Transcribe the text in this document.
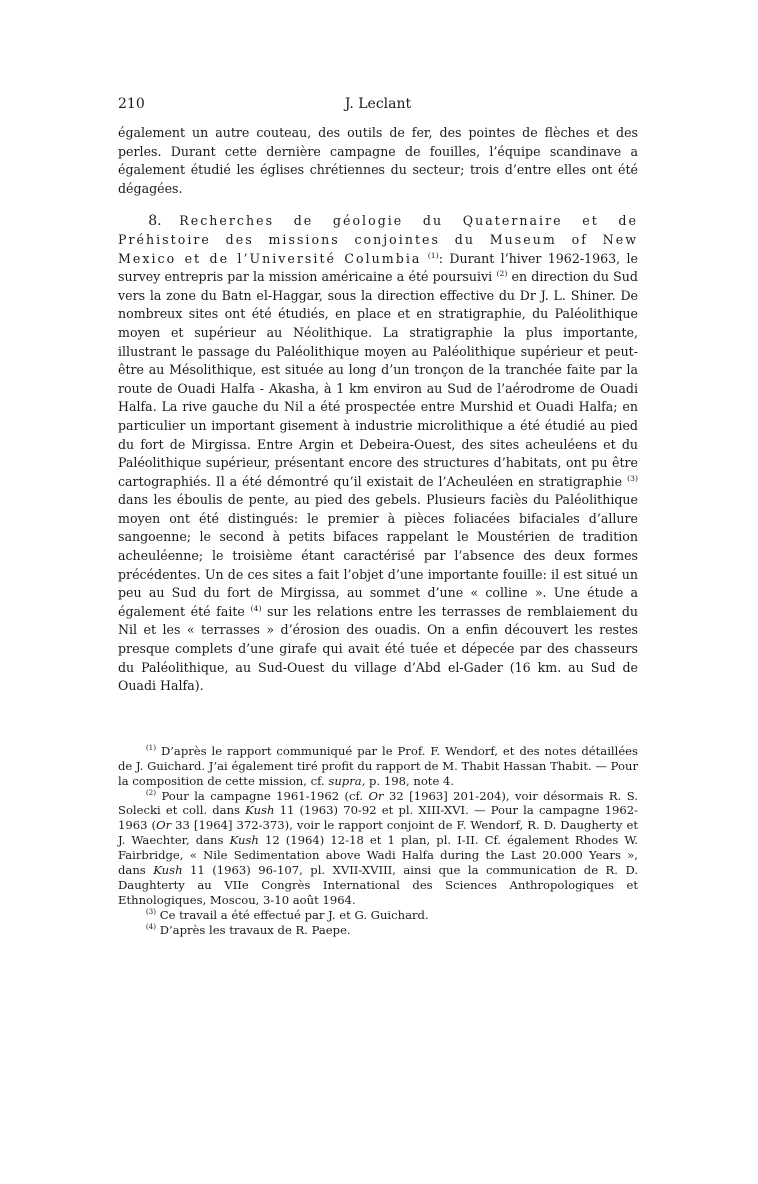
210	J. Leclant

également un autre couteau, des outils de fer, des pointes de flèches et des perles. Durant cette dernière campagne de fouilles, l’équipe scandinave a également étudié les églises chrétiennes du secteur; trois d’entre elles ont été dégagées.

8. Recherches de géologie du Quaternaire et de Préhistoire des missions conjointes du Museum of New Mexico et de l’Université Columbia $^{(1)}$: Durant l’hiver 1962-1963, le survey entrepris par la mission américaine a été poursuivi $^{(2)}$ en direction du Sud vers la zone du Batn el-Haggar, sous la direction effective du Dr J. L. Shiner. De nombreux sites ont été étudiés, en place et en stratigraphie, du Paléolithique moyen et supérieur au Néolithique. La stratigraphie la plus importante, illustrant le passage du Paléolithique moyen au Paléolithique supérieur et peut-être au Mésolithique, est située au long d’un tronçon de la tranchée faite par la route de Ouadi Halfa - Akasha, à 1 km environ au Sud de l’aérodrome de Ouadi Halfa. La rive gauche du Nil a été prospectée entre Murshid et Ouadi Halfa; en particulier un important gisement à industrie microlithique a été étudié au pied du fort de Mirgissa. Entre Argin et Debeira-Ouest, des sites acheuléens et du Paléolithique supérieur, présentant encore des structures d’habitats, ont pu être cartographiés. Il a été démontré qu’il existait de l’Acheuléen en stratigraphie $^{(3)}$ dans les éboulis de pente, au pied des gebels. Plusieurs faciès du Paléolithique moyen ont été distingués: le premier à pièces foliacées bifaciales d’allure sangoenne; le second à petits bifaces rappelant le Moustérien de tradition acheuléenne; le troisième étant caractérisé par l’absence des deux formes précédentes. Un de ces sites a fait l’objet d’une importante fouille: il est situé un peu au Sud du fort de Mirgissa, au sommet d’une « colline ». Une étude a également été faite $^{(4)}$ sur les relations entre les terrasses de remblaiement du Nil et les « terrasses » d’érosion des ouadis. On a enfin découvert les restes presque complets d’une girafe qui avait été tuée et dépecée par des chasseurs du Paléolithique, au Sud-Ouest du village d’Abd el-Gader (16 km. au Sud de Ouadi Halfa).

$^{(1)}$ D’après le rapport communiqué par le Prof. F. Wendorf, et des notes détaillées de J. Guichard. J’ai également tiré profit du rapport de M. Thabit Hassan Thabit. — Pour la composition de cette mission, cf. supra, p. 198, note 4.

$^{(2)}$ Pour la campagne 1961-1962 (cf. Or 32 [1963] 201-204), voir désormais R. S. Solecki et coll. dans Kush 11 (1963) 70-92 et pl. XIII-XVI. — Pour la campagne 1962-1963 (Or 33 [1964] 372-373), voir le rapport conjoint de F. Wendorf, R. D. Daugherty et J. Waechter, dans Kush 12 (1964) 12-18 et 1 plan, pl. I-II. Cf. également Rhodes W. Fairbridge, « Nile Sedimentation above Wadi Halfa during the Last 20.000 Years », dans Kush 11 (1963) 96-107, pl. XVII-XVIII, ainsi que la communication de R. D. Daughterty au VIIe Congrès International des Sciences Anthropologiques et Ethnologiques, Moscou, 3-10 août 1964.

$^{(3)}$ Ce travail a été effectué par J. et G. Guichard.

$^{(4)}$ D’après les travaux de R. Paepe.
